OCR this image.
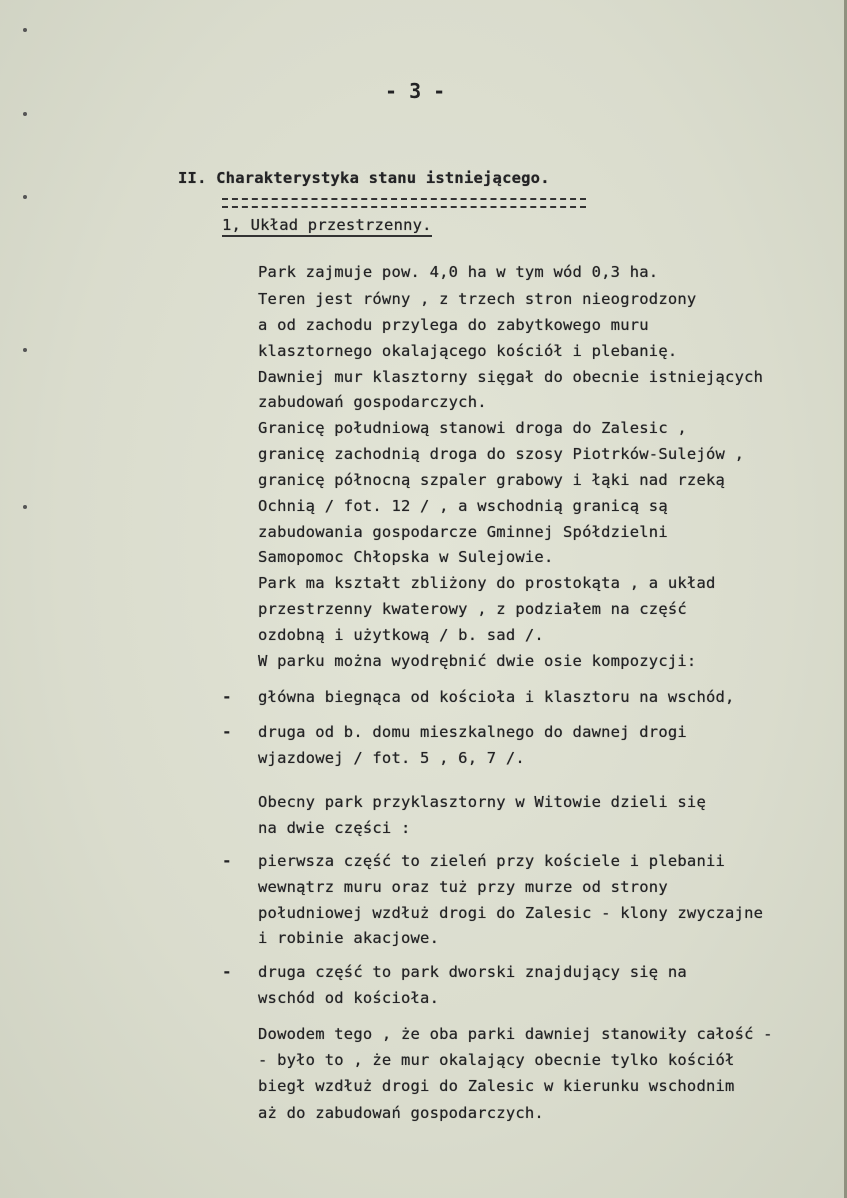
- 3 -
II. Charakterystyka stanu istniejącego.
1, Układ przestrzenny.
Park zajmuje pow. 4,0 ha w tym wód 0,3 ha.
Teren jest równy , z trzech stron nieogrodzony
a od zachodu przylega do zabytkowego muru
klasztornego okalającego kościół i plebanię.
Dawniej mur klasztorny sięgał do obecnie istniejących
zabudowań gospodarczych.
Granicę południową stanowi droga do Zalesic ,
granicę zachodnią droga do szosy Piotrków-Sulejów ,
granicę północną szpaler grabowy i łąki nad rzeką
Ochnią / fot. 12 / , a wschodnią granicą są
zabudowania gospodarcze Gminnej Spółdzielni
Samopomoc Chłopska w Sulejowie.
Park ma kształt zbliżony do prostokąta , a układ
przestrzenny kwaterowy , z podziałem na część
ozdobną i użytkową / b. sad /.
W parku można wyodrębnić dwie osie kompozycji:
- główna biegnąca od kościoła i klasztoru na wschód,
- druga od b. domu mieszkalnego do dawnej drogi
wjazdowej / fot. 5 , 6, 7 /.
Obecny park przyklasztorny w Witowie dzieli się
na dwie części :
- pierwsza część to zieleń przy kościele i plebanii
wewnątrz muru oraz tuż przy murze od strony
południowej wzdłuż drogi do Zalesic - klony zwyczajne
i robinie akacjowe.
- druga część to park dworski znajdujący się na
wschód od kościoła.
Dowodem tego , że oba parki dawniej stanowiły całość -
- było to , że mur okalający obecnie tylko kościół
biegł wzdłuż drogi do Zalesic w kierunku wschodnim
aż do zabudowań gospodarczych.
